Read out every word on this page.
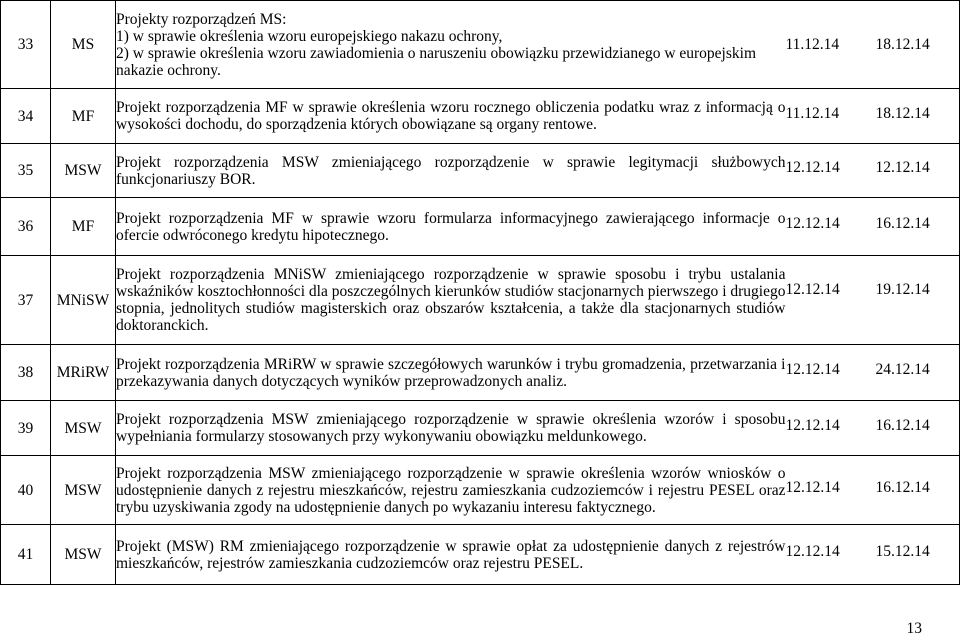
33	MS	Projekty rozporządzeń MS:
1) w sprawie określenia wzoru europejskiego nakazu ochrony,
2) w sprawie określenia wzoru zawiadomienia o naruszeniu obowiązku przewidzianego w europejskim nakazie ochrony.	11.12.14	18.12.14
34	MF	Projekt rozporządzenia MF w sprawie określenia wzoru rocznego obliczenia podatku wraz z informacją o wysokości dochodu, do sporządzenia których obowiązane są organy rentowe.	11.12.14	18.12.14

35	MSW	Projekt rozporządzenia MSW zmieniającego rozporządzenie w sprawie legitymacji służbowych funkcjonariuszy BOR.	12.12.14	12.12.14

36	MF	Projekt rozporządzenia MF w sprawie wzoru formularza informacyjnego zawierającego informacje o ofercie odwróconego kredytu hipotecznego.	12.12.14	16.12.14

37	MNiSW	Projekt rozporządzenia MNiSW zmieniającego rozporządzenie w sprawie sposobu i trybu ustalania wskaźników kosztochłonności dla poszczególnych kierunków studiów stacjonarnych pierwszego i drugiego stopnia, jednolitych studiów magisterskich oraz obszarów kształcenia, a także dla stacjonarnych studiów doktoranckich.	12.12.14	19.12.14

38	MRiRW	Projekt rozporządzenia MRiRW w sprawie szczegółowych warunków i trybu gromadzenia, przetwarzania i przekazywania danych dotyczących wyników przeprowadzonych analiz.	12.12.14	24.12.14

39	MSW	Projekt rozporządzenia MSW zmieniającego rozporządzenie w sprawie określenia wzorów i sposobu wypełniania formularzy stosowanych przy wykonywaniu obowiązku meldunkowego.	12.12.14	16.12.14

40	MSW	Projekt rozporządzenia MSW zmieniającego rozporządzenie w sprawie określenia wzorów wniosków o udostępnienie danych z rejestru mieszkańców, rejestru zamieszkania cudzoziemców i rejestru PESEL oraz trybu uzyskiwania zgody na udostępnienie danych po wykazaniu interesu faktycznego.	12.12.14	16.12.14

41	MSW	Projekt (MSW) RM zmieniającego rozporządzenie w sprawie opłat za udostępnienie danych z rejestrów mieszkańców, rejestrów zamieszkania cudzoziemców oraz rejestru PESEL.	12.12.14	15.12.14
13
